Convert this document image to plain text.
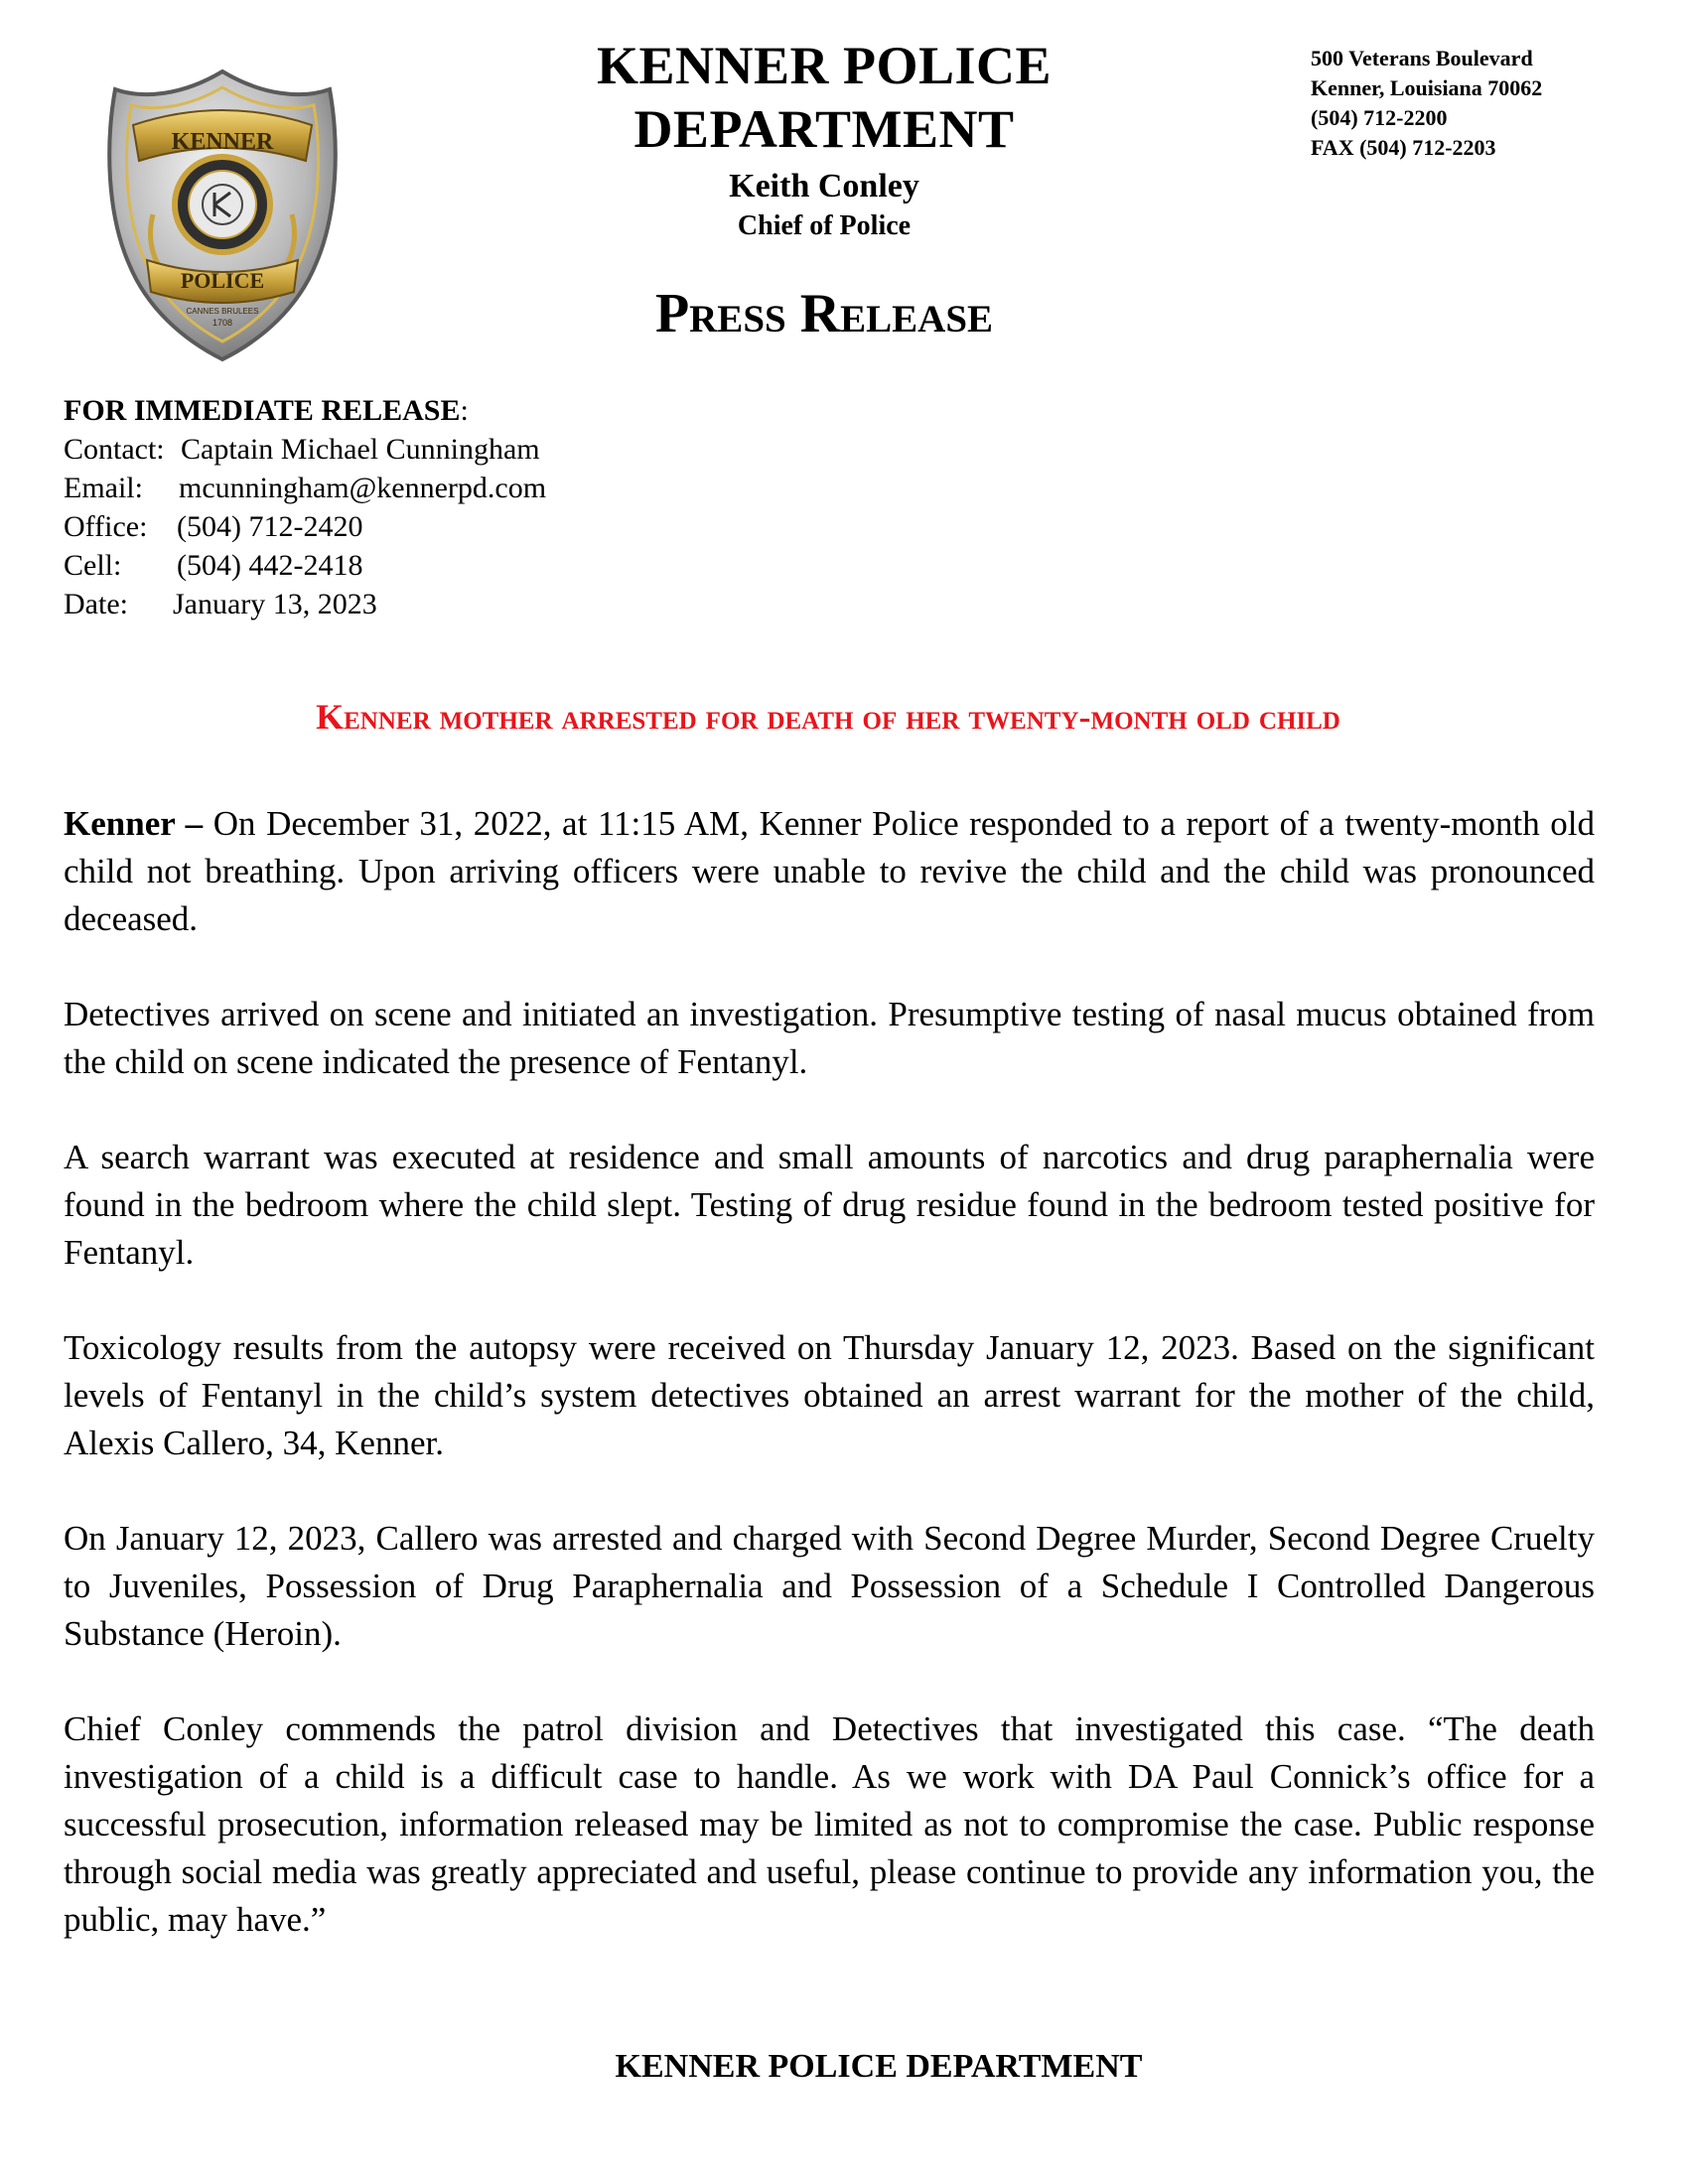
KENNER
POLICE
CANNES BRULEES
1708
KENNER POLICE
DEPARTMENT
Keith Conley
Chief of Police
Press Release
500 Veterans Boulevard
Kenner, Louisiana 70062
(504) 712-2200
FAX (504) 712-2203
FOR IMMEDIATE RELEASE :
Contact: Captain Michael Cunningham
Email:	mcunningham@kennerpd.com
Office: (504) 712-2420
Cell:	(504) 442-2418
Date:	January 13, 2023
Kenner mother arrested for death of her twenty-month old child

Kenner – On December 31, 2022, at 11:15 AM, Kenner Police responded to a report of a twenty-month old child not breathing. Upon arriving officers were unable to revive the child and the child was pronounced deceased.

Detectives arrived on scene and initiated an investigation. Presumptive testing of nasal mucus obtained from the child on scene indicated the presence of Fentanyl.

A search warrant was executed at residence and small amounts of narcotics and drug paraphernalia were found in the bedroom where the child slept. Testing of drug residue found in the bedroom tested positive for Fentanyl.

Toxicology results from the autopsy were received on Thursday January 12, 2023. Based on the significant levels of Fentanyl in the child’s system detectives obtained an arrest warrant for the mother of the child, Alexis Callero, 34, Kenner.

On January 12, 2023, Callero was arrested and charged with Second Degree Murder, Second Degree Cruelty to Juveniles, Possession of Drug Paraphernalia and Possession of a Schedule I Controlled Dangerous Substance (Heroin).

Chief Conley commends the patrol division and Detectives that investigated this case. “The death investigation of a child is a difficult case to handle. As we work with DA Paul Connick’s office for a successful prosecution, information released may be limited as not to compromise the case. Public response through social media was greatly appreciated and useful, please continue to provide any information you, the public, may have.”

KENNER POLICE DEPARTMENT
